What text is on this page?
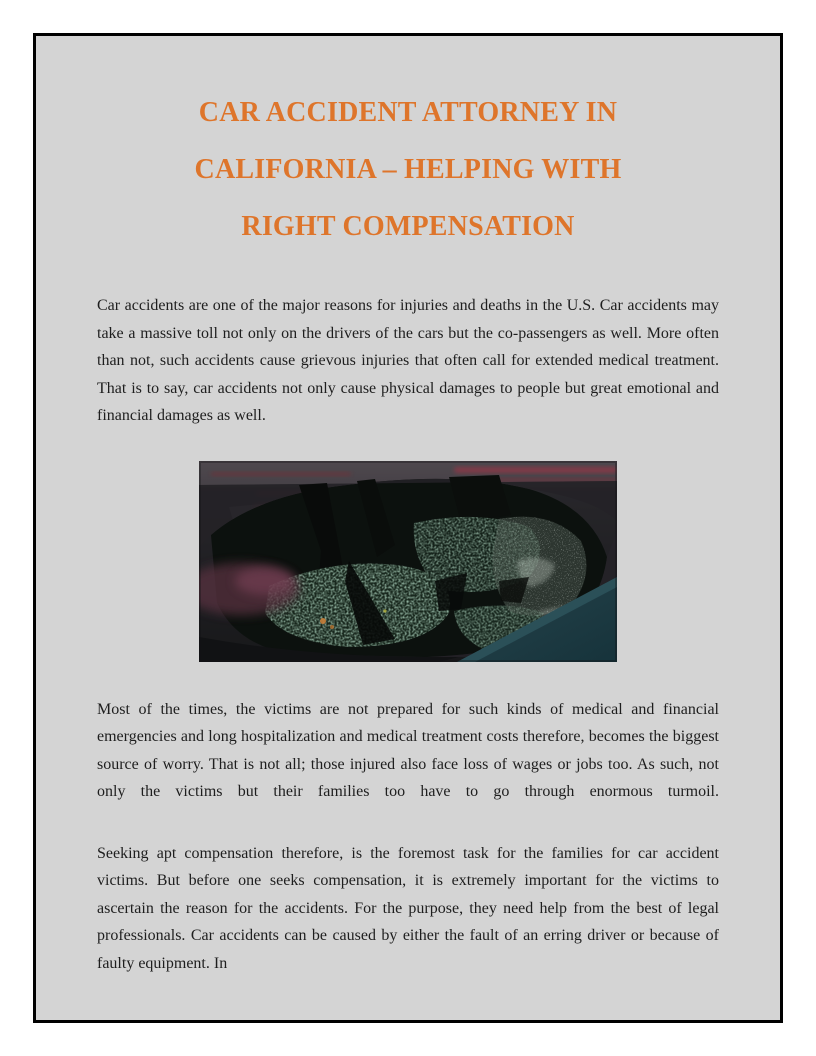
CAR ACCIDENT ATTORNEY IN
CALIFORNIA – HELPING WITH
RIGHT COMPENSATION

Car accidents are one of the major reasons for injuries and deaths in the U.S. Car accidents may take a massive toll not only on the drivers of the cars but the co-passengers as well. More often than not, such accidents cause grievous injuries that often call for extended medical treatment. That is to say, car accidents not only cause physical damages to people but great emotional and financial damages as well.

Most of the times, the victims are not prepared for such kinds of medical and financial emergencies and long hospitalization and medical treatment costs therefore, becomes the biggest source of worry. That is not all; those injured also face loss of wages or jobs too. As such, not only the victims but their families too have to go through enormous turmoil.

Seeking apt compensation therefore, is the foremost task for the families for car accident victims. But before one seeks compensation, it is extremely important for the victims to ascertain the reason for the accidents. For the purpose, they need help from the best of legal professionals. Car accidents can be caused by either the fault of an erring driver or because of faulty equipment. In
